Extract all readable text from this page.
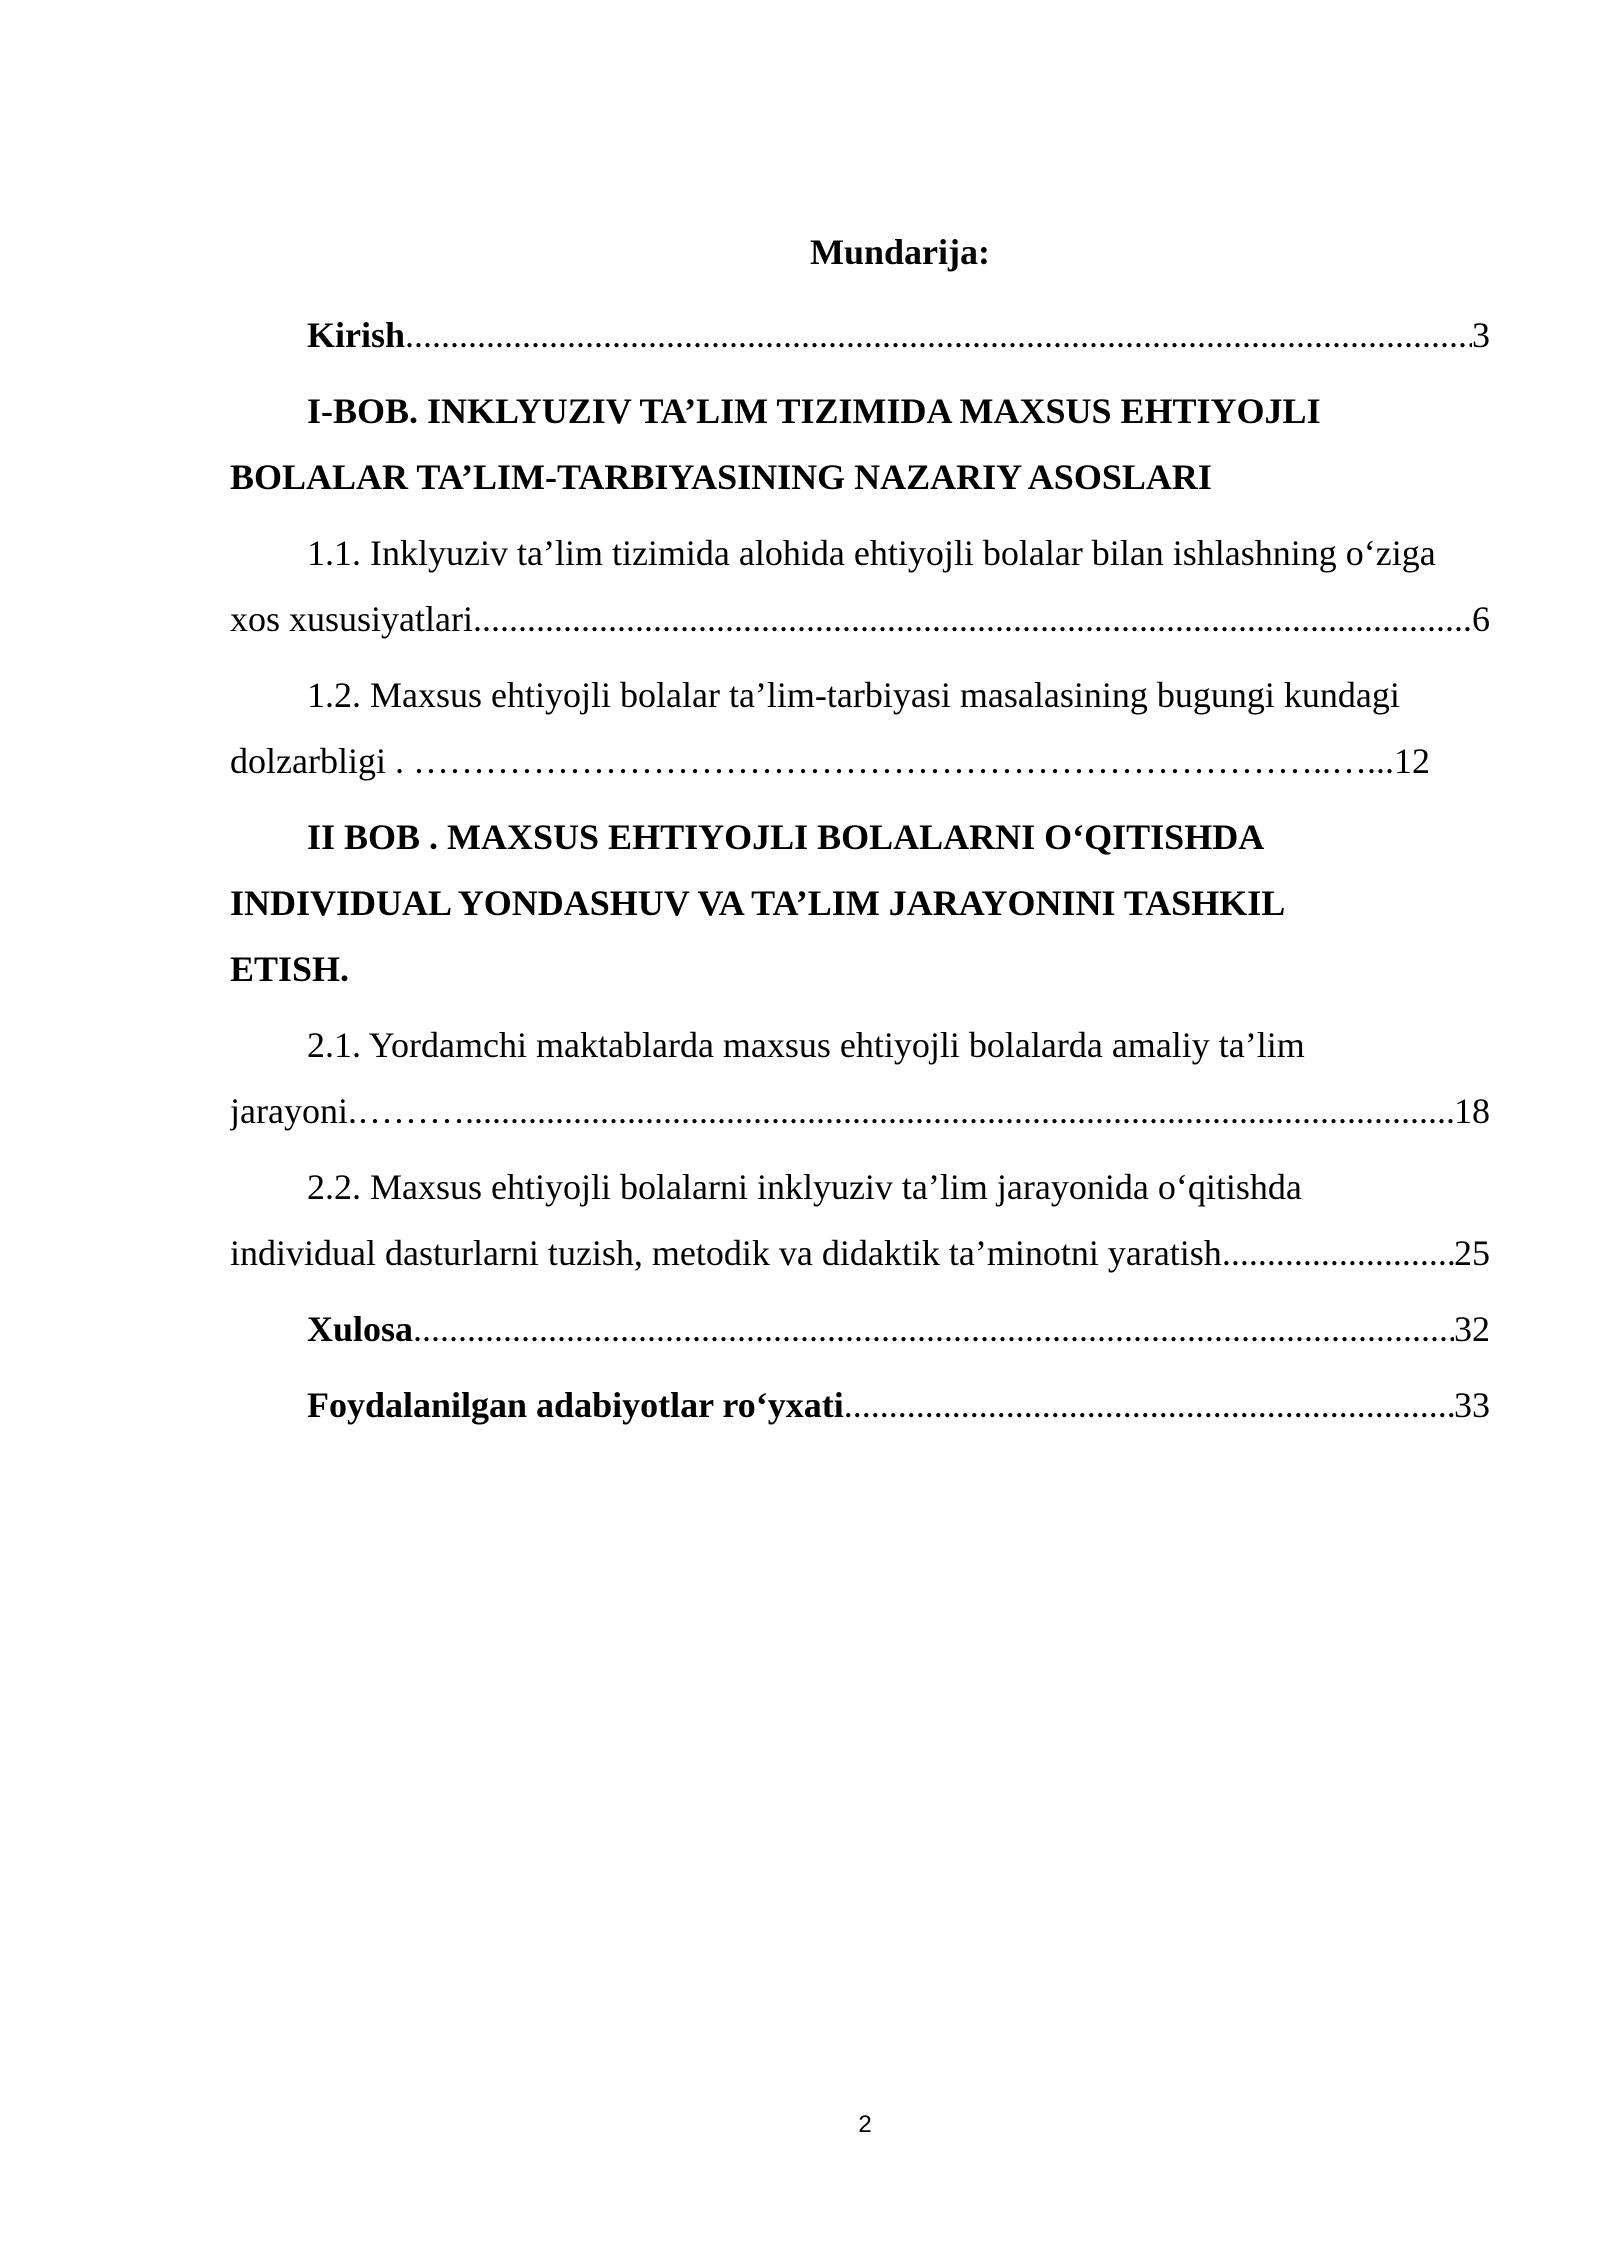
Mundarija:
Kirish .....	3
I-BOB. INKLYUZIV TA’LIM TIZIMIDA MAXSUS EHTIYOJLI
BOLALAR TA’LIM-TARBIYASINING NAZARIY ASOSLARI
1.1. Inklyuziv ta’lim tizimida alohida ehtiyojli bolalar bilan ishlashning o‘ziga
xos xususiyatlari .....	6
1.2. Maxsus ehtiyojli bolalar ta’lim-tarbiyasi masalasining bugungi kundagi
dolzarbligi . …………………………………………………………………..…... 12
II BOB . MAXSUS EHTIYOJLI BOLALARNI O‘QITISHDA
INDIVIDUAL YONDASHUV VA TA’LIM JARAYONINI TASHKIL
ETISH.
2.1. Yordamchi maktablarda maxsus ehtiyojli bolalarda amaliy ta’lim
jarayoni.……… .....	18
2.2. Maxsus ehtiyojli bolalarni inklyuziv ta’lim jarayonida o‘qitishda
individual dasturlarni tuzish, metodik va didaktik ta’minotni yaratish .....	25
Xulosa .....	32
Foydalanilgan adabiyotlar ro‘yxati .....	33
2
